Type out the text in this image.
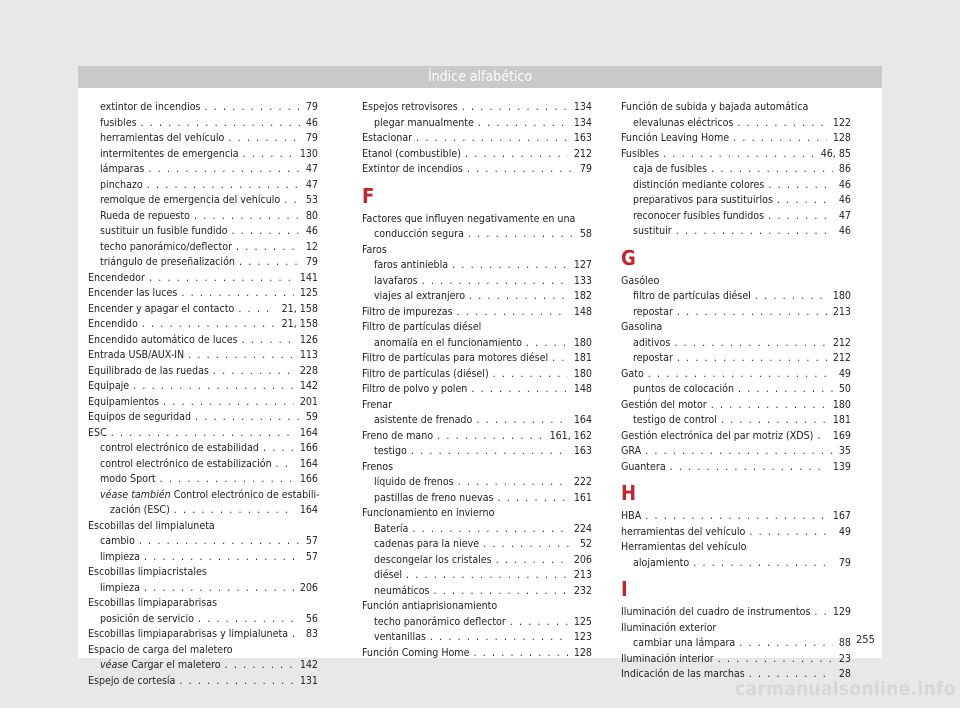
Índice alfabético
extintor de incendios . . .	79
fusibles . . .	46
herramientas del vehículo . . .	79
intermitentes de emergencia . . .	130
lámparas . . .	47
pinchazo . . .	47
remolque de emergencia del vehículo . . . 53
Rueda de repuesto . . .	80
sustituir un fusible fundido . . .	46
techo panorámico/deflector . . .	12
triángulo de preseñalización . . .	79
Encendedor . . .	141
Encender las luces . . .	125
Encender y apagar el contacto . . .	21, 158
Encendido . . .	21, 158
Encendido automático de luces . . .	126
Entrada USB/AUX-IN . . .	113
Equilibrado de las ruedas . . .	228
Equipaje . . .	142
Equipamientos . . .	201
Equipos de seguridad . . .	59
ESC . . .	164
control electrónico de estabilidad . . .	166
control electrónico de estabilización . . .	164
modo Sport . . .	166
véase también Control electrónico de estabili-
zación (ESC) . . .	164
Escobillas del limpialuneta
cambio . . .	57
limpieza . . .	57
Escobillas limpiacristales
limpieza . . .	206
Escobillas limpiaparabrisas
posición de servicio . . .	56
Escobillas limpiaparabrisas y limpialuneta . . . 83
Espacio de carga del maletero
véase Cargar el maletero . . .	142
Espejo de cortesía . . .	131
Espejos retrovisores . . .	134
plegar manualmente . . .	134
Estacionar . . .	163
Etanol (combustible) . . .	212
Extintor de incendios . . .	79
F
Factores que influyen negativamente en una
conducción segura . . .	58
Faros
faros antiniebla . . .	127
lavafaros . . .	133
viajes al extranjero . . .	182
Filtro de impurezas . . .	148
Filtro de partículas diésel
anomalía en el funcionamiento . . .	180
Filtro de partículas para motores diésel . . . 181
Filtro de partículas (diésel) . . .	180
Filtro de polvo y polen . . .	148
Frenar
asistente de frenado . . .	164
Freno de mano . . .	161, 162
testigo . . .	163
Frenos
líquido de frenos . . .	222
pastillas de freno nuevas . . .	161
Funcionamiento en invierno
Batería . . .	224
cadenas para la nieve . . .	52
descongelar los cristales . . .	206
diésel . . .	213
neumáticos . . .	232
Función antiaprisionamiento
techo panorámico deflector . . .	125
ventanillas . . .	123
Función Coming Home . . .	128
Función de subida y bajada automática
elevalunas eléctricos . . .	122
Función Leaving Home . . .	128
Fusibles . . .	46, 85
caja de fusibles . . .	86
distinción mediante colores . . .	46
preparativos para sustituirlos . . .	46
reconocer fusibles fundidos . . .	47
sustituir . . .	46
G
Gasóleo
filtro de partículas diésel . . .	180
repostar . . .	213
Gasolina
aditivos . . .	212
repostar . . .	212
Gato . . .	49
puntos de colocación . . .	50
Gestión del motor . . .	180
testigo de control . . .	181
Gestión electrónica del par motriz (XDS) . . . 169
GRA . . .	35
Guantera . . .	139
H
HBA . . .	167
herramientas del vehículo . . .	49
Herramientas del vehículo
alojamiento . . .	79
I
Iluminación del cuadro de instrumentos . . . 129
Iluminación exterior
cambiar una lámpara . . .	88
Iluminación interior . . .	23
Indicación de las marchas . . .	28
255
carmanualsonline.info
